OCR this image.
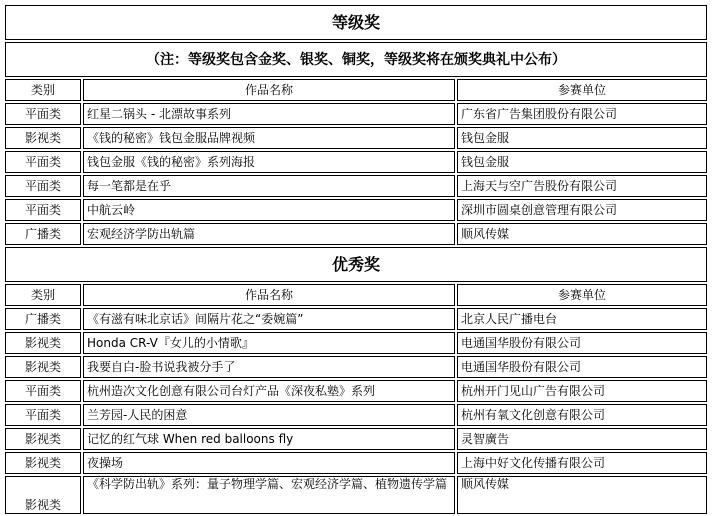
等级奖		
（注：等级奖包含金奖、银奖、铜奖，等级奖将在颁奖典礼中公布）		
类别	作品名称	参赛单位
平面类	红星二锅头 - 北漂故事系列	广东省广告集团股份有限公司
影视类	《钱的秘密》钱包金服品牌视频	钱包金服
平面类	钱包金服《钱的秘密》系列海报	钱包金服
平面类	每一笔都是在乎	上海天与空广告股份有限公司
平面类	中航云岭	深圳市圆桌创意管理有限公司
广播类	宏观经济学防出轨篇	顺风传媒
优秀奖		
类别	作品名称	参赛单位
广播类	《有滋有味北京话》间隔片花之“委婉篇”	北京人民广播电台
影视类	Honda CR-V『女儿的小情歌』	电通国华股份有限公司
影视类	我要自白-脸书说我被分手了	电通国华股份有限公司
平面类	杭州造次文化创意有限公司台灯产品《深夜私塾》系列	杭州开门见山广告有限公司
平面类	兰芳园-人民的困意	杭州有氧文化创意有限公司
影视类	记忆的红气球 When red balloons fly	灵智廣告
影视类	夜操场	上海中好文化传播有限公司
影视类	《科学防出轨》系列：量子物理学篇、宏观经济学篇、植物遗传学篇	顺风传媒
